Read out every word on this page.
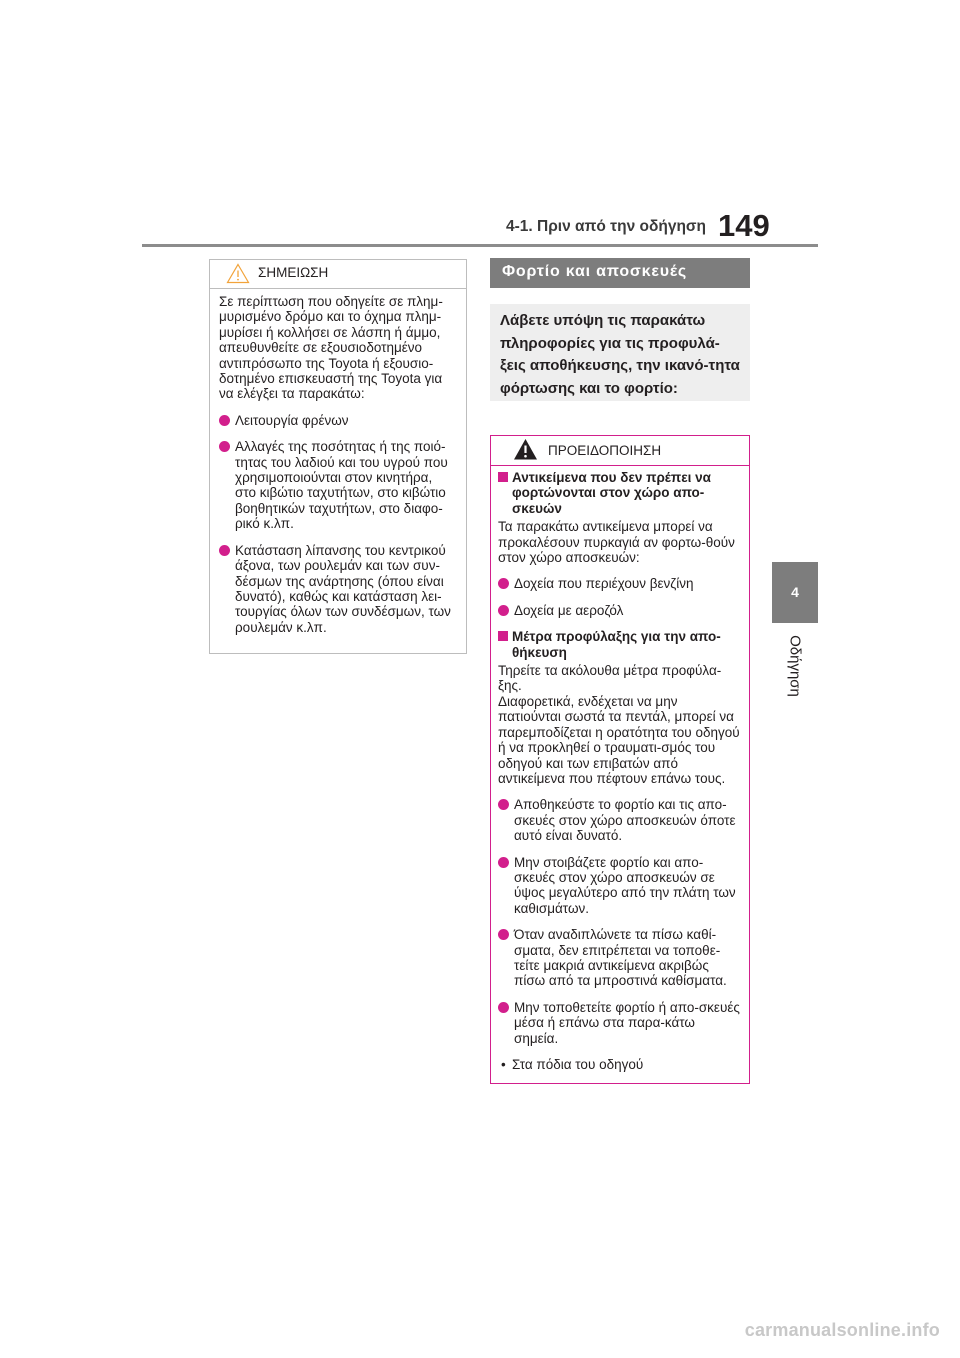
4-1. Πριν από την οδήγηση 149
4
Οδήγηση
ΣΗΜΕΙΩΣΗ

Σε περίπτωση που οδηγείτε σε πλημ-μυρισμένο δρόμο και το όχημα πλημ-μυρίσει ή κολλήσει σε λάσπη ή άμμο, απευθυνθείτε σε εξουσιοδοτημένο αντιπρόσωπο της Toyota ή εξουσιο-δοτημένο επισκευαστή της Toyota για να ελέγξει τα παρακάτω:

Λειτουργία φρένων
Αλλαγές της ποσότητας ή της ποιό-τητας του λαδιού και του υγρού που χρησιμοποιούνται στον κινητήρα, στο κιβώτιο ταχυτήτων, στο κιβώτιο βοηθητικών ταχυτήτων, στο διαφο-ρικό κ.λπ.
Κατάσταση λίπανσης του κεντρικού άξονα, των ρουλεμάν και των συν-δέσμων της ανάρτησης (όπου είναι δυνατό), καθώς και κατάσταση λει-τουργίας όλων των συνδέσμων, των ρουλεμάν κ.λπ.
Φορτίο και αποσκευές
Λάβετε υπόψη τις παρακάτω πληροφορίες για τις προφυλά-ξεις αποθήκευσης, την ικανό-τητα φόρτωσης και το φορτίο:
ΠΡΟΕΙΔΟΠΟΙΗΣΗ
Αντικείμενα που δεν πρέπει να φορτώνονται στον χώρο απο-σκευών

Τα παρακάτω αντικείμενα μπορεί να προκαλέσουν πυρκαγιά αν φορτω-θούν στον χώρο αποσκευών:

Δοχεία που περιέχουν βενζίνη
Δοχεία με αεροζόλ
Μέτρα προφύλαξης για την απο-θήκευση

Τηρείτε τα ακόλουθα μέτρα προφύλα-ξης.

Διαφορετικά, ενδέχεται να μην πατιούνται σωστά τα πεντάλ, μπορεί να παρεμποδίζεται η ορατότητα του οδηγού ή να προκληθεί ο τραυματι-σμός του οδηγού και των επιβατών από αντικείμενα που πέφτουν επάνω τους.

Αποθηκεύστε το φορτίο και τις απο-σκευές στον χώρο αποσκευών όποτε αυτό είναι δυνατό.
Μην στοιβάζετε φορτίο και απο-σκευές στον χώρο αποσκευών σε ύψος μεγαλύτερο από την πλάτη των καθισμάτων.
Όταν αναδιπλώνετε τα πίσω καθί-σματα, δεν επιτρέπεται να τοποθε-τείτε μακριά αντικείμενα ακριβώς πίσω από τα μπροστινά καθίσματα.
Μην τοποθετείτε φορτίο ή απο-σκευές μέσα ή επάνω στα παρα-κάτω σημεία.
• Στα πόδια του οδηγού
carmanualsonline.info
